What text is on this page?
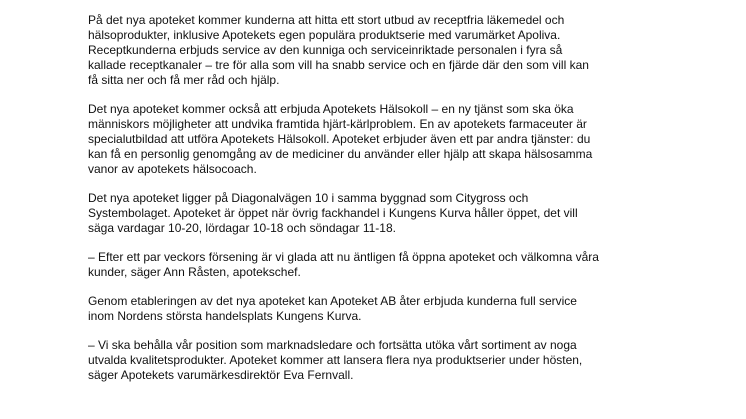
På det nya apoteket kommer kunderna att hitta ett stort utbud av receptfria läkemedel och
hälsoprodukter, inklusive Apotekets egen populära produktserie med varumärket Apoliva.
Receptkunderna erbjuds service av den kunniga och serviceinriktade personalen i fyra så
kallade receptkanaler – tre för alla som vill ha snabb service och en fjärde där den som vill kan
få sitta ner och få mer råd och hjälp.

Det nya apoteket kommer också att erbjuda Apotekets Hälsokoll – en ny tjänst som ska öka
människors möjligheter att undvika framtida hjärt-kärlproblem. En av apotekets farmaceuter är
specialutbildad att utföra Apotekets Hälsokoll. Apoteket erbjuder även ett par andra tjänster: du
kan få en personlig genomgång av de mediciner du använder eller hjälp att skapa hälsosamma
vanor av apotekets hälsocoach.

Det nya apoteket ligger på Diagonalvägen 10 i samma byggnad som Citygross och
Systembolaget. Apoteket är öppet när övrig fackhandel i Kungens Kurva håller öppet, det vill
säga vardagar 10-20, lördagar 10-18 och söndagar 11-18.

– Efter ett par veckors försening är vi glada att nu äntligen få öppna apoteket och välkomna våra
kunder, säger Ann Råsten, apotekschef.

Genom etableringen av det nya apoteket kan Apoteket AB åter erbjuda kunderna full service
inom Nordens största handelsplats Kungens Kurva.

– Vi ska behålla vår position som marknadsledare och fortsätta utöka vårt sortiment av noga
utvalda kvalitetsprodukter. Apoteket kommer att lansera flera nya produktserier under hösten,
säger Apotekets varumärkesdirektör Eva Fernvall.
